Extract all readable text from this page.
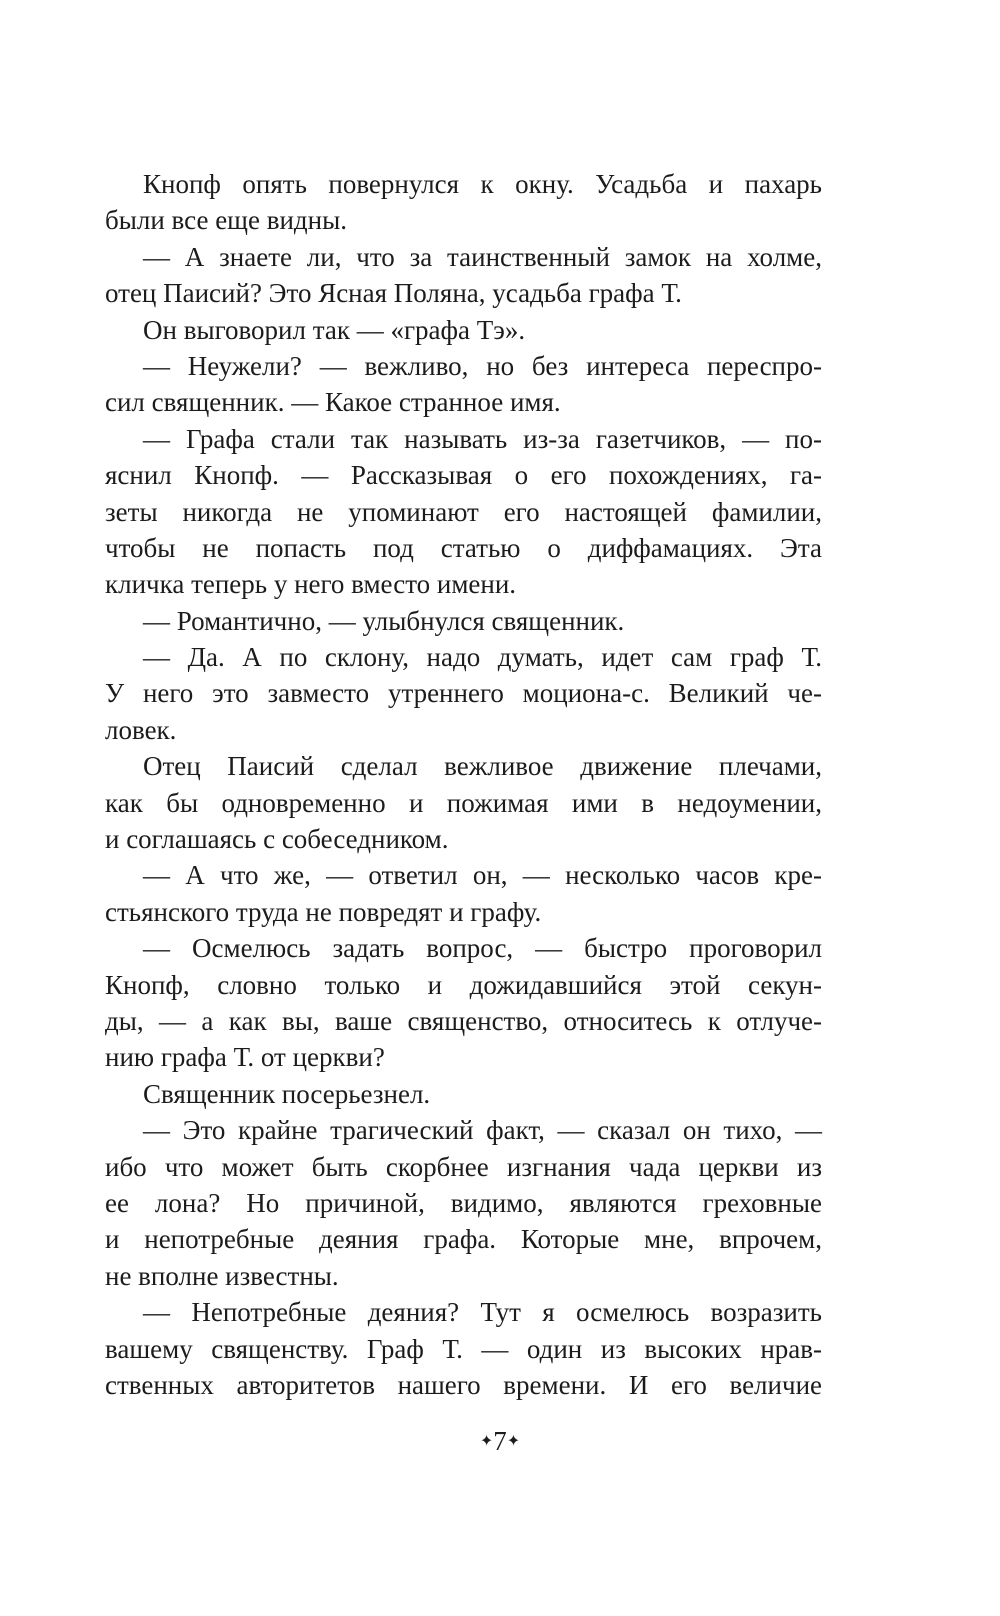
Кнопф опять повернулся к окну. Усадьба и пахарь
были все еще видны.
— А знаете ли, что за таинственный замок на холме,
отец Паисий? Это Ясная Поляна, усадьба графа Т.
Он выговорил так — «графа Тэ».
— Неужели? — вежливо, но без интереса переспро-
сил священник. — Какое странное имя.
— Графа стали так называть из-за газетчиков, — по-
яснил Кнопф. — Рассказывая о его похождениях, га-
зеты никогда не упоминают его настоящей фамилии,
чтобы не попасть под статью о диффамациях. Эта
кличка теперь у него вместо имени.
— Романтично, — улыбнулся священник.
— Да. А по склону, надо думать, идет сам граф Т.
У него это завместо утреннего моциона-с. Великий че-
ловек.
Отец Паисий сделал вежливое движение плечами,
как бы одновременно и пожимая ими в недоумении,
и соглашаясь с собеседником.
— А что же, — ответил он, — несколько часов кре-
стьянского труда не повредят и графу.
— Осмелюсь задать вопрос, — быстро проговорил
Кнопф, словно только и дожидавшийся этой секун-
ды, — а как вы, ваше священство, относитесь к отлуче-
нию графа Т. от церкви?
Священник посерьезнел.
— Это крайне трагический факт, — сказал он тихо, —
ибо что может быть скорбнее изгнания чада церкви из
ее лона? Но причиной, видимо, являются греховные
и непотребные деяния графа. Которые мне, впрочем,
не вполне известны.
— Непотребные деяния? Тут я осмелюсь возразить
вашему священству. Граф Т. — один из высоких нрав-
ственных авторитетов нашего времени. И его величие
✦7✦
